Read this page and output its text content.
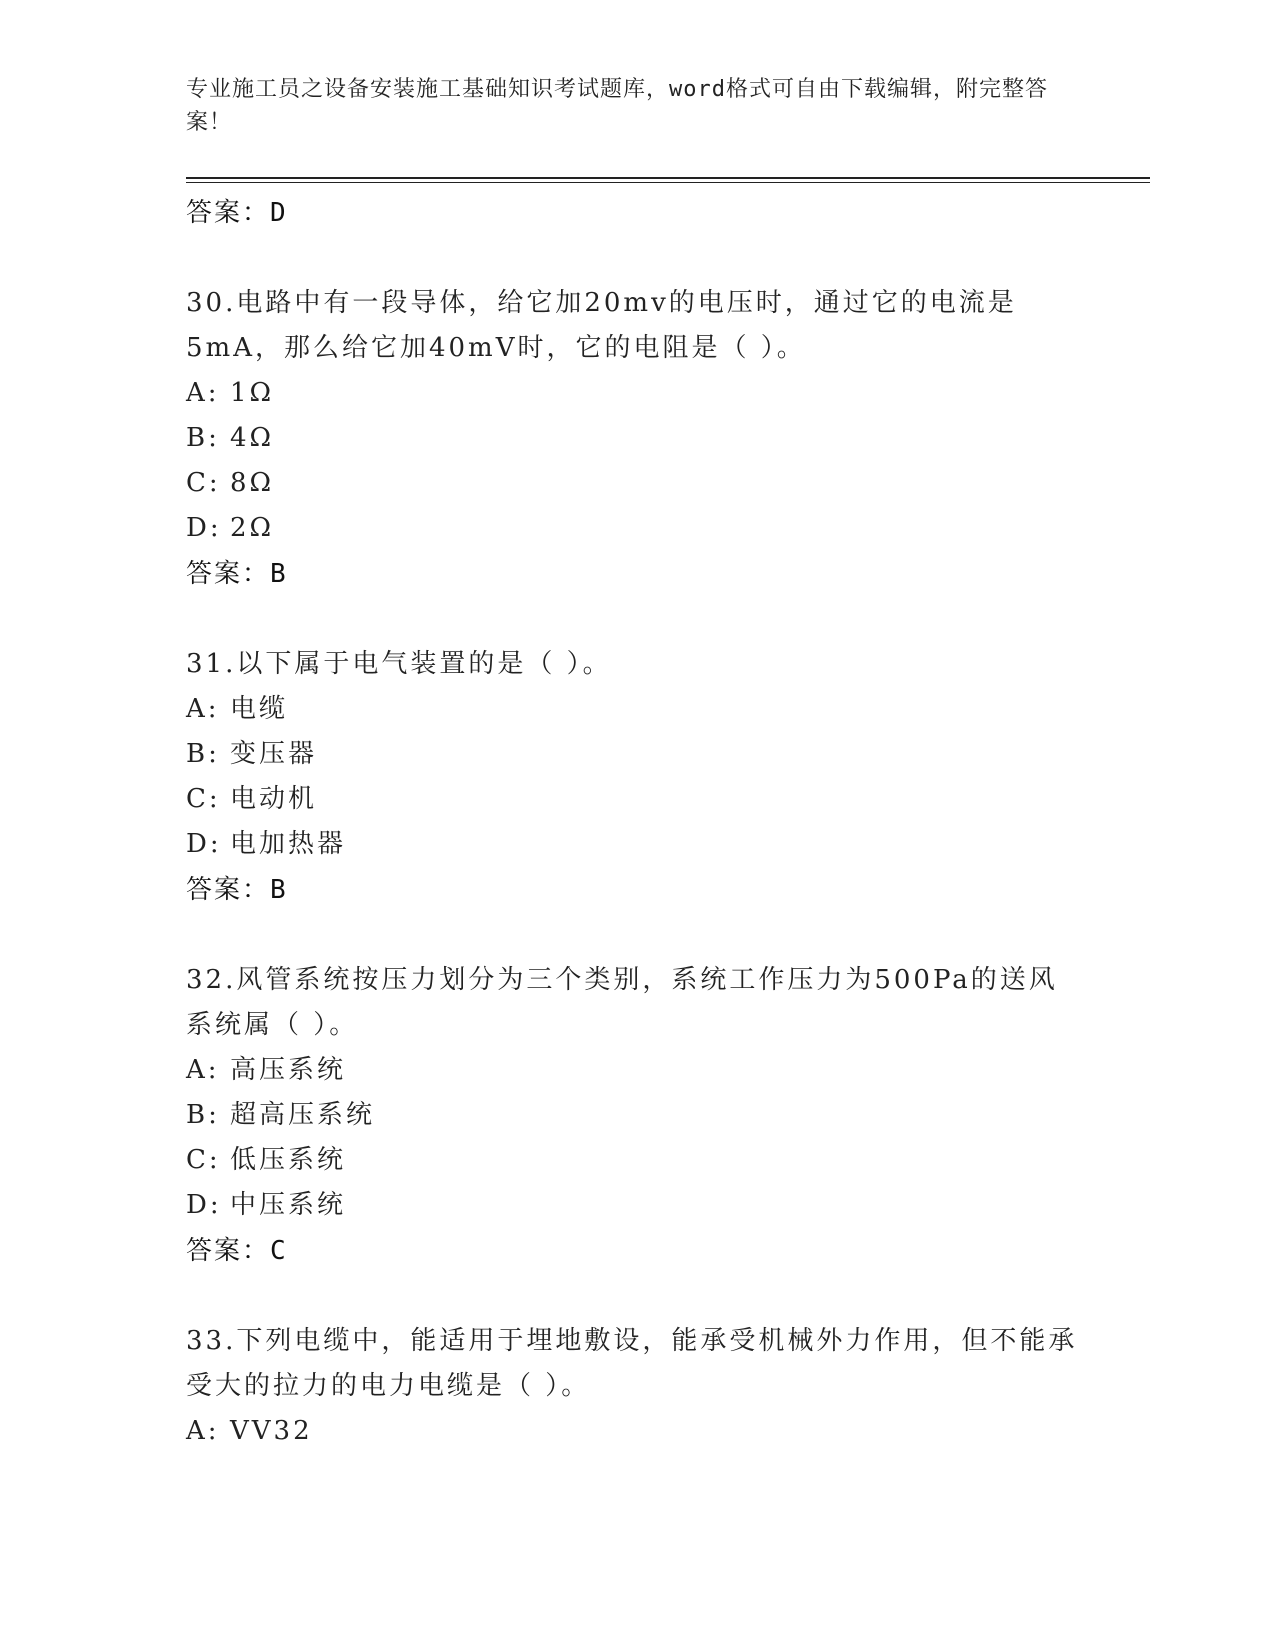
专业施工员之设备安装施工基础知识考试题库，word格式可自由下载编辑，附完整答案！
答案：D
30.电路中有一段导体，给它加20mv的电压时，通过它的电流是5mA，那么给它加40mV时，它的电阻是（ ）。
A: 1Ω
B: 4Ω
C: 8Ω
D: 2Ω
答案：B
31.以下属于电气装置的是（ ）。
A: 电缆
B: 变压器
C: 电动机
D: 电加热器
答案：B
32.风管系统按压力划分为三个类别，系统工作压力为500Pa的送风系统属（ ）。
A: 高压系统
B: 超高压系统
C: 低压系统
D: 中压系统
答案：C
33.下列电缆中，能适用于埋地敷设，能承受机械外力作用，但不能承受大的拉力的电力电缆是（ ）。
A: VV32
